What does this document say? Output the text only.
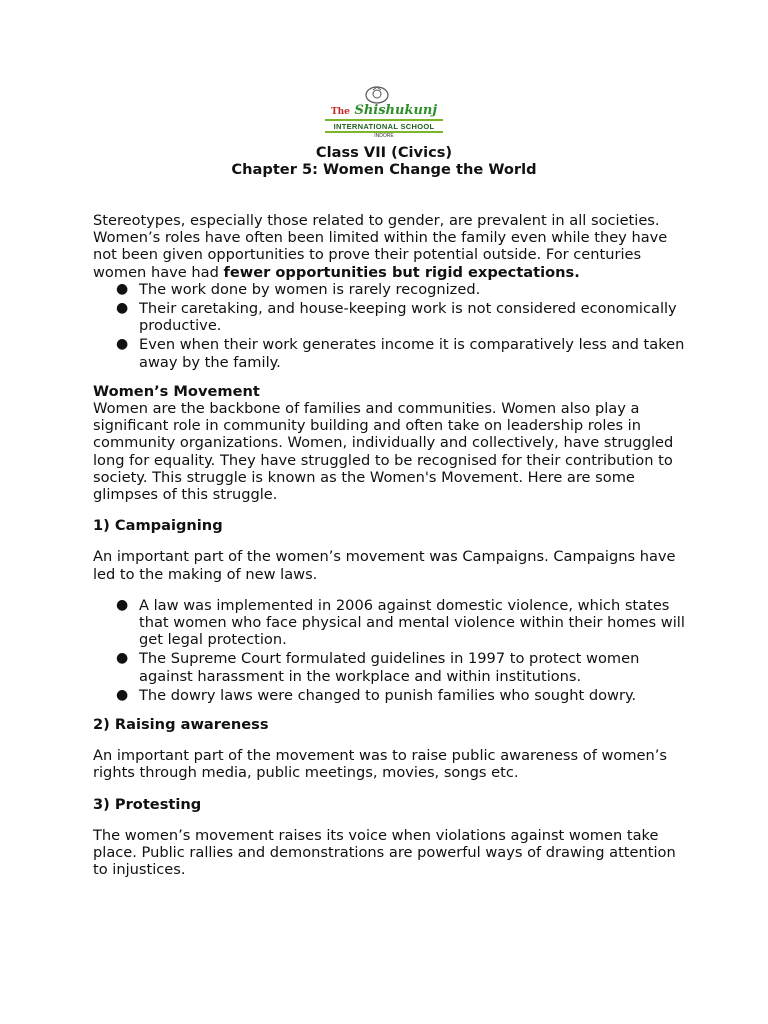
The Shishukunj
INTERNATIONAL SCHOOL
INDORE
Class VII (Civics)
Chapter 5: Women Change the World

Stereotypes, especially those related to gender, are prevalent in all societies. Women’s roles have often been limited within the family even while they have not been given opportunities to prove their potential outside. For centuries women have had fewer opportunities but rigid expectations.

● The work done by women is rarely recognized.
● Their caretaking, and house-keeping work is not considered economically productive.
● Even when their work generates income it is comparatively less and taken away by the family.

Women’s Movement

Women are the backbone of families and communities. Women also play a significant role in community building and often take on leadership roles in community organizations. Women, individually and collectively, have struggled long for equality. They have struggled to be recognised for their contribution to society. This struggle is known as the Women's Movement. Here are some glimpses of this struggle.

1) Campaigning

An important part of the women’s movement was Campaigns. Campaigns have led to the making of new laws.

● A law was implemented in 2006 against domestic violence, which states that women who face physical and mental violence within their homes will get legal protection.
● The Supreme Court formulated guidelines in 1997 to protect women against harassment in the workplace and within institutions.
● The dowry laws were changed to punish families who sought dowry.

2) Raising awareness

An important part of the movement was to raise public awareness of women’s rights through media, public meetings, movies, songs etc.

3) Protesting

The women’s movement raises its voice when violations against women take place. Public rallies and demonstrations are powerful ways of drawing attention to injustices.
